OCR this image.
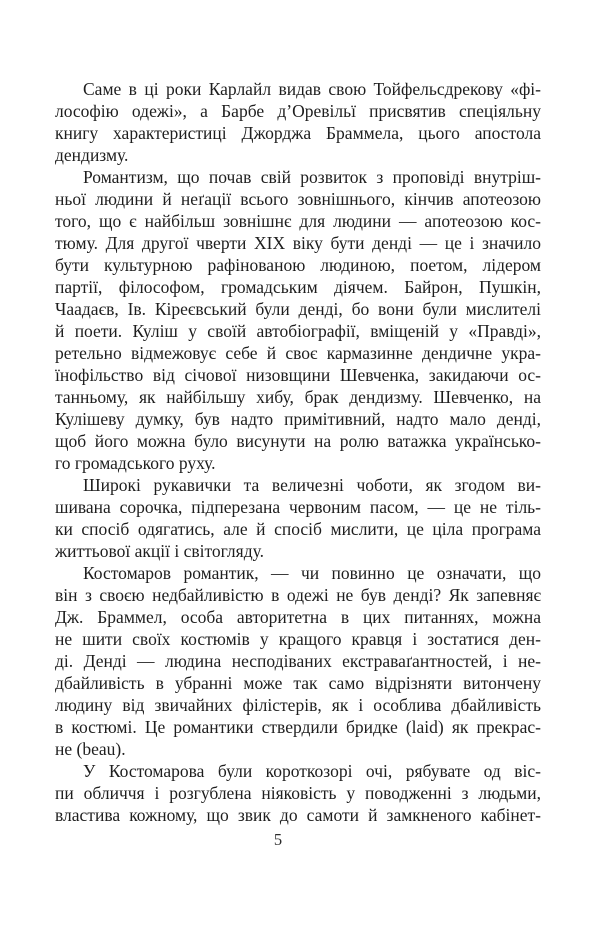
Саме в ці роки Карлайл видав свою Тойфельсдрекову «фі-
лософію одежі», а Барбе д’Оревільї присвятив спеціяльну
книгу характеристиці Джорджа Браммела, цього апостола
дендизму.
Романтизм, що почав свій розвиток з проповіді внутріш-
ньої людини й неґації всього зовнішнього, кінчив апотеозою
того, що є найбільш зовнішнє для людини — апотеозою кос-
тюму. Для другої чверти XIX віку бути денді — це і значило
бути культурною рафінованою людиною, поетом, лідером
партії, філософом, громадським діячем. Байрон, Пушкін,
Чаадаєв, Ів. Кіреєвський були денді, бо вони були мислителі
й поети. Куліш у своїй автобіографії, вміщеній у «Правді»,
ретельно відмежовує себе й своє кармазинне дендичне укра-
їнофільство від січової низовщини Шевченка, закидаючи ос-
танньому, як найбільшу хибу, брак дендизму. Шевченко, на
Кулішеву думку, був надто примітивний, надто мало денді,
щоб його можна було висунути на ролю ватажка українсько-
го громадського руху.
Широкі рукавички та величезні чоботи, як згодом ви-
шивана сорочка, підперезана червоним пасом, — це не тіль-
ки спосіб одягатись, але й спосіб мислити, це ціла програма
життьової акції і світогляду.
Костомаров романтик, — чи повинно це означати, що
він з своєю недбайливістю в одежі не був денді? Як запевняє
Дж. Браммел, особа авторитетна в цих питаннях, можна
не шити своїх костюмів у кращого кравця і зостатися ден-
ді. Денді — людина несподіваних екстраваґантностей, і не-
дбайливість в убранні може так само відрізняти витончену
людину від звичайних філістерів, як і особлива дбайливість
в костюмі. Це романтики ствердили бридке (laid) як прекрас-
не (beau).
У Костомарова були короткозорі очі, рябувате од віс-
пи обличчя і розгублена ніяковість у поводженні з людьми,
властива кожному, що звик до самоти й замкненого кабінет-
5
